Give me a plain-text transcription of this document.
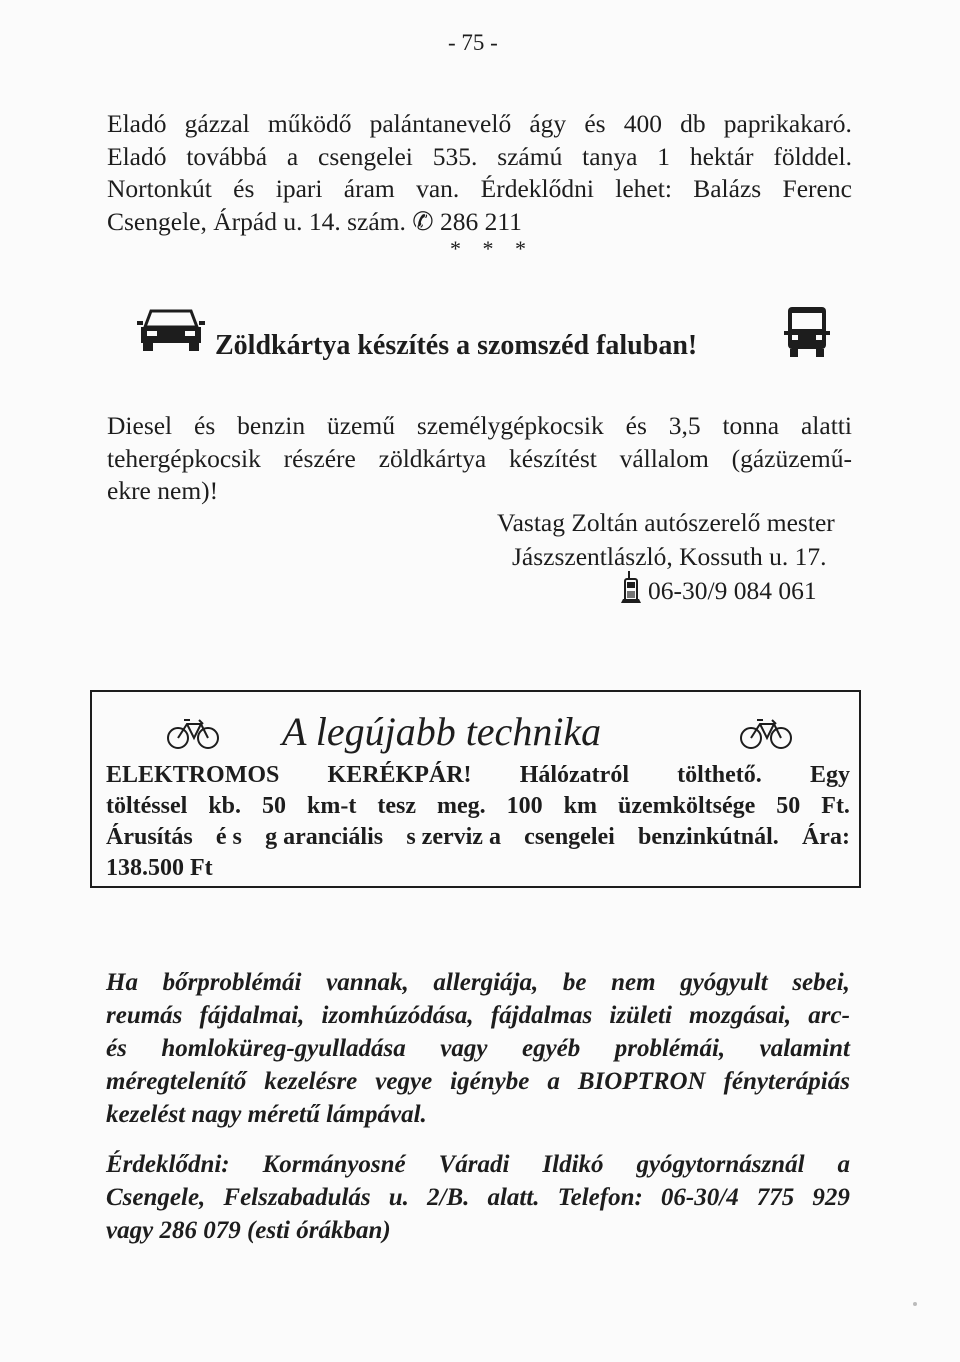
- 75 -
Eladó gázzal működő palántanevelő ágy és 400 db paprikakaró.
Eladó továbbá a csengelei 535. számú tanya 1 hektár földdel.
Nortonkút és ipari áram van. Érdeklődni lehet: Balázs Ferenc
Csengele, Árpád u. 14. szám. ✆ 286 211
* * *
Zöldkártya készítés a szomszéd faluban!
Diesel és benzin üzemű személygépkocsik és 3,5 tonna alatti
tehergépkocsik részére zöldkártya készítést vállalom (gázüzemű-
ekre nem)!
Vastag Zoltán autószerelő mester
Jászszentlászló, Kossuth u. 17.
06-30/9 084 061
A legújabb technika
ELEKTROMOS KERÉKPÁR! Hálózatról tölthető. Egy
töltéssel kb. 50 km-t tesz meg. 100 km üzemköltsége 50 Ft.
Árusítás é s g aranciális s zerviz a csengelei benzinkútnál. Ára:
138.500 Ft
Ha bőrproblémái vannak, allergiája, be nem gyógyult sebei,
reumás fájdalmai, izomhúzódása, fájdalmas izületi mozgásai, arc-
és homloküreg-gyulladása vagy egyéb problémái, valamint
méregtelenítő kezelésre vegye igénybe a BIOPTRON fényterápiás
kezelést nagy méretű lámpával.
Érdeklődni: Kormányosné Váradi Ildikó gyógytornásznál a
Csengele, Felszabadulás u. 2/B. alatt. Telefon: 06-30/4 775 929
vagy 286 079 (esti órákban)
